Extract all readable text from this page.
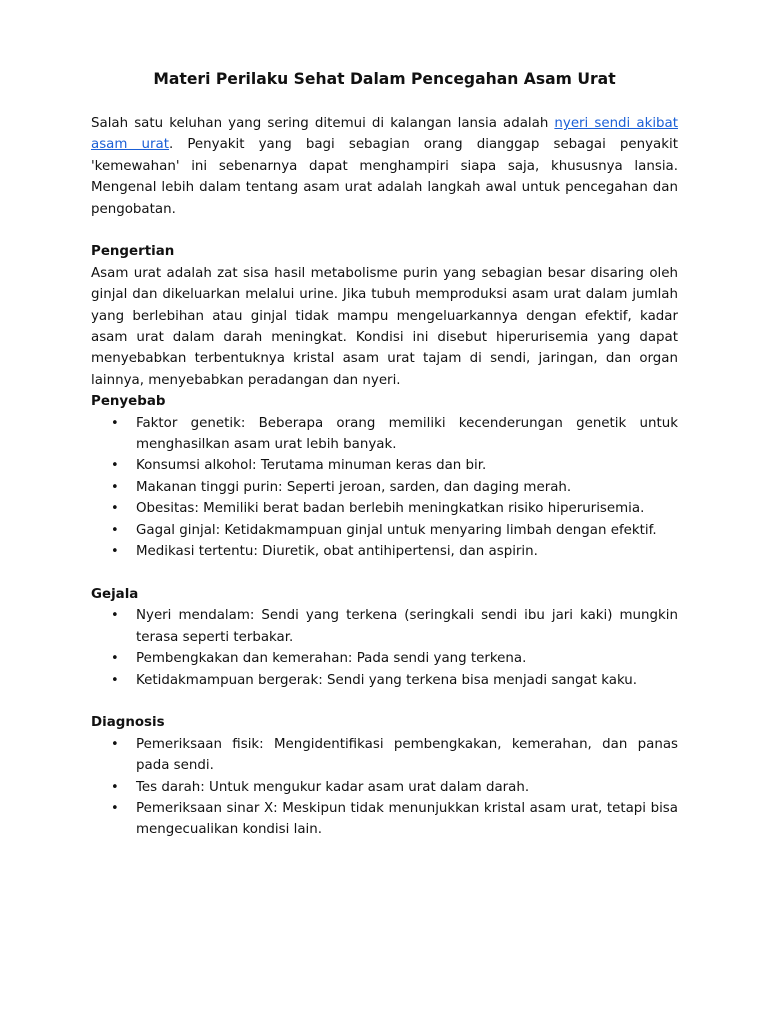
Materi Perilaku Sehat Dalam Pencegahan Asam Urat

Salah satu keluhan yang sering ditemui di kalangan lansia adalah nyeri sendi akibat asam urat. Penyakit yang bagi sebagian orang dianggap sebagai penyakit 'kemewahan' ini sebenarnya dapat menghampiri siapa saja, khususnya lansia. Mengenal lebih dalam tentang asam urat adalah langkah awal untuk pencegahan dan pengobatan.

Pengertian

Asam urat adalah zat sisa hasil metabolisme purin yang sebagian besar disaring oleh ginjal dan dikeluarkan melalui urine. Jika tubuh memproduksi asam urat dalam jumlah yang berlebihan atau ginjal tidak mampu mengeluarkannya dengan efektif, kadar asam urat dalam darah meningkat. Kondisi ini disebut hiperurisemia yang dapat menyebabkan terbentuknya kristal asam urat tajam di sendi, jaringan, dan organ lainnya, menyebabkan peradangan dan nyeri.

Penyebab
• Faktor genetik: Beberapa orang memiliki kecenderungan genetik untuk menghasilkan asam urat lebih banyak.
• Konsumsi alkohol: Terutama minuman keras dan bir.
• Makanan tinggi purin: Seperti jeroan, sarden, dan daging merah.
• Obesitas: Memiliki berat badan berlebih meningkatkan risiko hiperurisemia.
• Gagal ginjal: Ketidakmampuan ginjal untuk menyaring limbah dengan efektif.
• Medikasi tertentu: Diuretik, obat antihipertensi, dan aspirin.
Gejala
• Nyeri mendalam: Sendi yang terkena (seringkali sendi ibu jari kaki) mungkin terasa seperti terbakar.
• Pembengkakan dan kemerahan: Pada sendi yang terkena.
• Ketidakmampuan bergerak: Sendi yang terkena bisa menjadi sangat kaku.
Diagnosis
• Pemeriksaan fisik: Mengidentifikasi pembengkakan, kemerahan, dan panas pada sendi.
• Tes darah: Untuk mengukur kadar asam urat dalam darah.
• Pemeriksaan sinar X: Meskipun tidak menunjukkan kristal asam urat, tetapi bisa mengecualikan kondisi lain.
